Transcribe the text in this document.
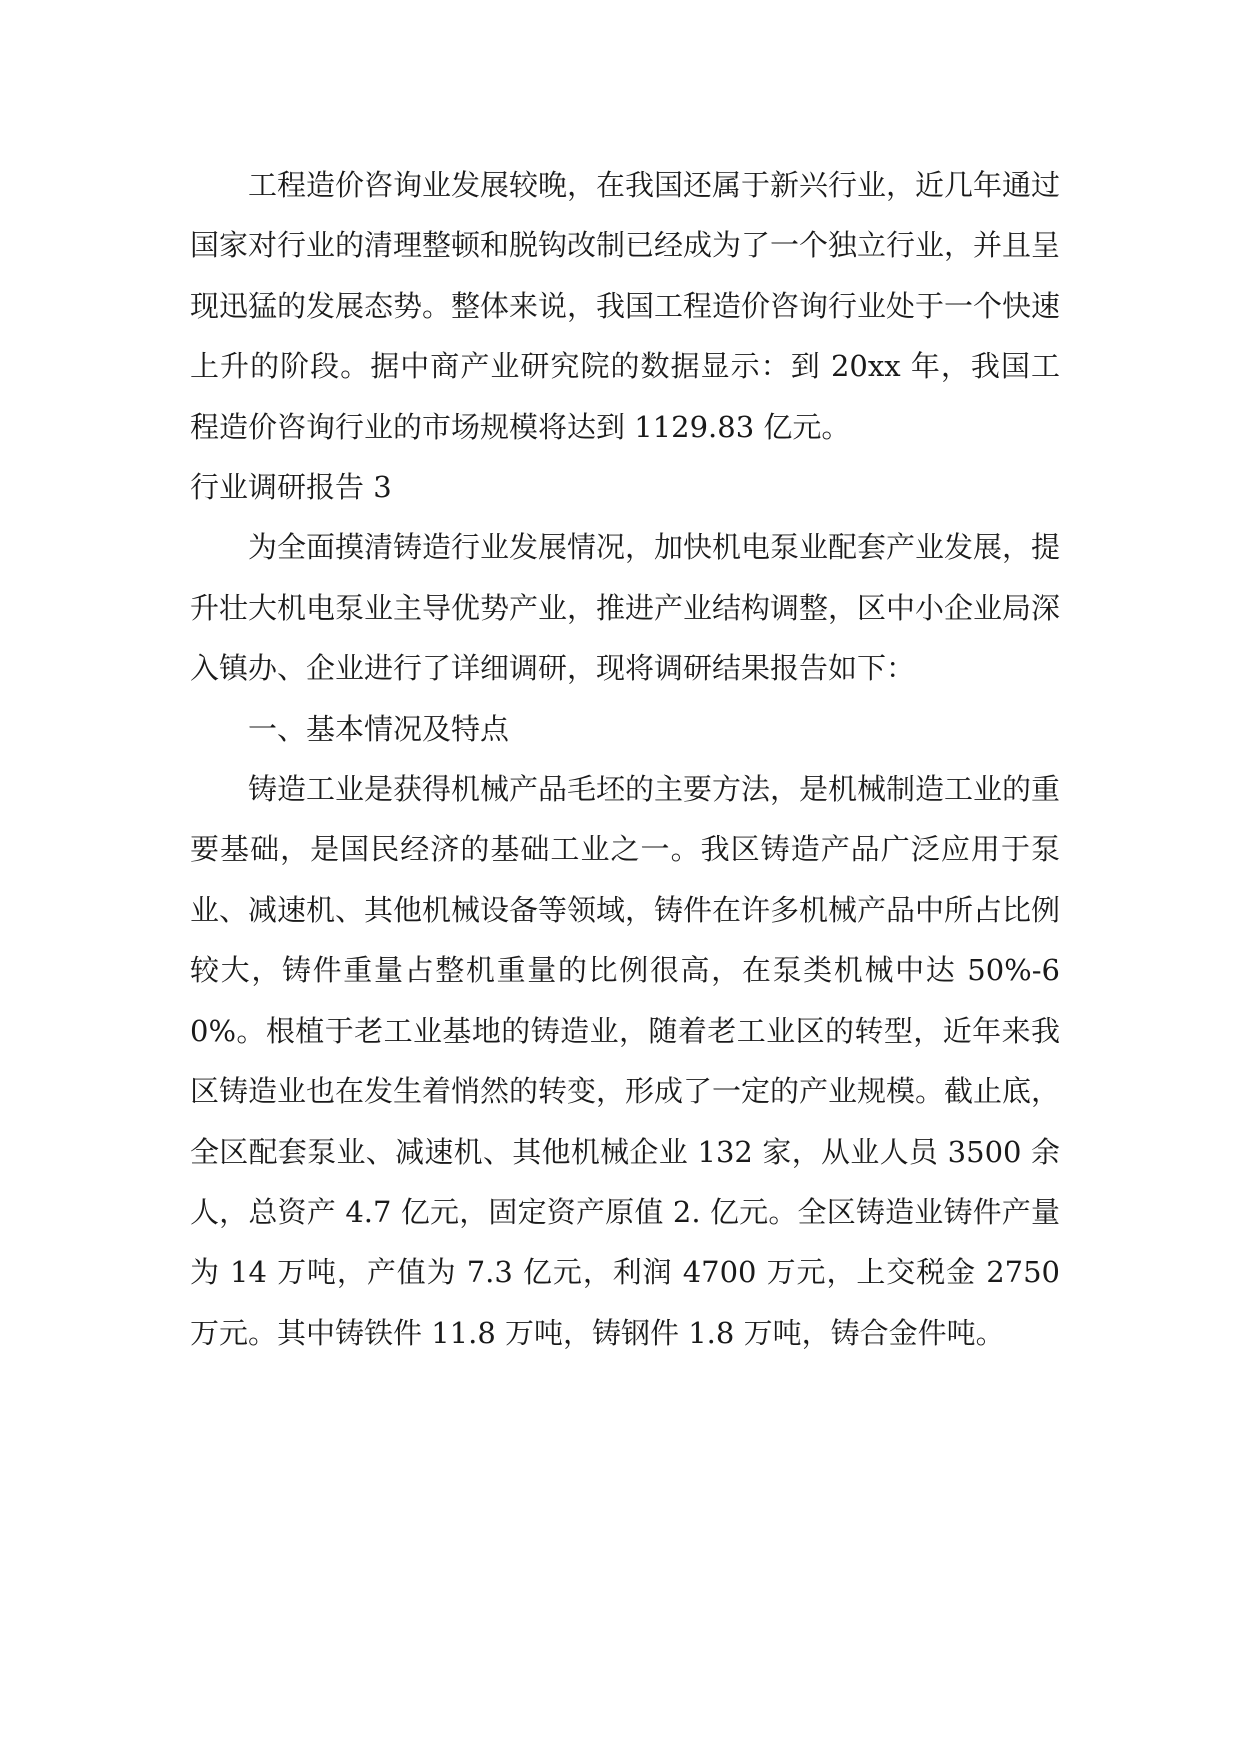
工程造价咨询业发展较晚，在我国还属于新兴行业，近几年通过国家对行业的清理整顿和脱钩改制已经成为了一个独立行业，并且呈现迅猛的发展态势。整体来说，我国工程造价咨询行业处于一个快速上升的阶段。据中商产业研究院的数据显示：到 20xx 年，我国工程造价咨询行业的市场规模将达到 1129.83 亿元。

行业调研报告 3

为全面摸清铸造行业发展情况，加快机电泵业配套产业发展，提升壮大机电泵业主导优势产业，推进产业结构调整，区中小企业局深入镇办、企业进行了详细调研，现将调研结果报告如下：

一、基本情况及特点

铸造工业是获得机械产品毛坯的主要方法，是机械制造工业的重要基础，是国民经济的基础工业之一。我区铸造产品广泛应用于泵业、减速机、其他机械设备等领域，铸件在许多机械产品中所占比例较大，铸件重量占整机重量的比例很高，在泵类机械中达 50%-60%。根植于老工业基地的铸造业，随着老工业区的转型，近年来我区铸造业也在发生着悄然的转变，形成了一定的产业规模。截止底，全区配套泵业、减速机、其他机械企业 132 家，从业人员 3500 余人，总资产 4.7 亿元，固定资产原值 2. 亿元。全区铸造业铸件产量为 14 万吨，产值为 7.3 亿元，利润 4700 万元，上交税金 2750 万元。其中铸铁件 11.8 万吨，铸钢件 1.8 万吨，铸合金件吨。
